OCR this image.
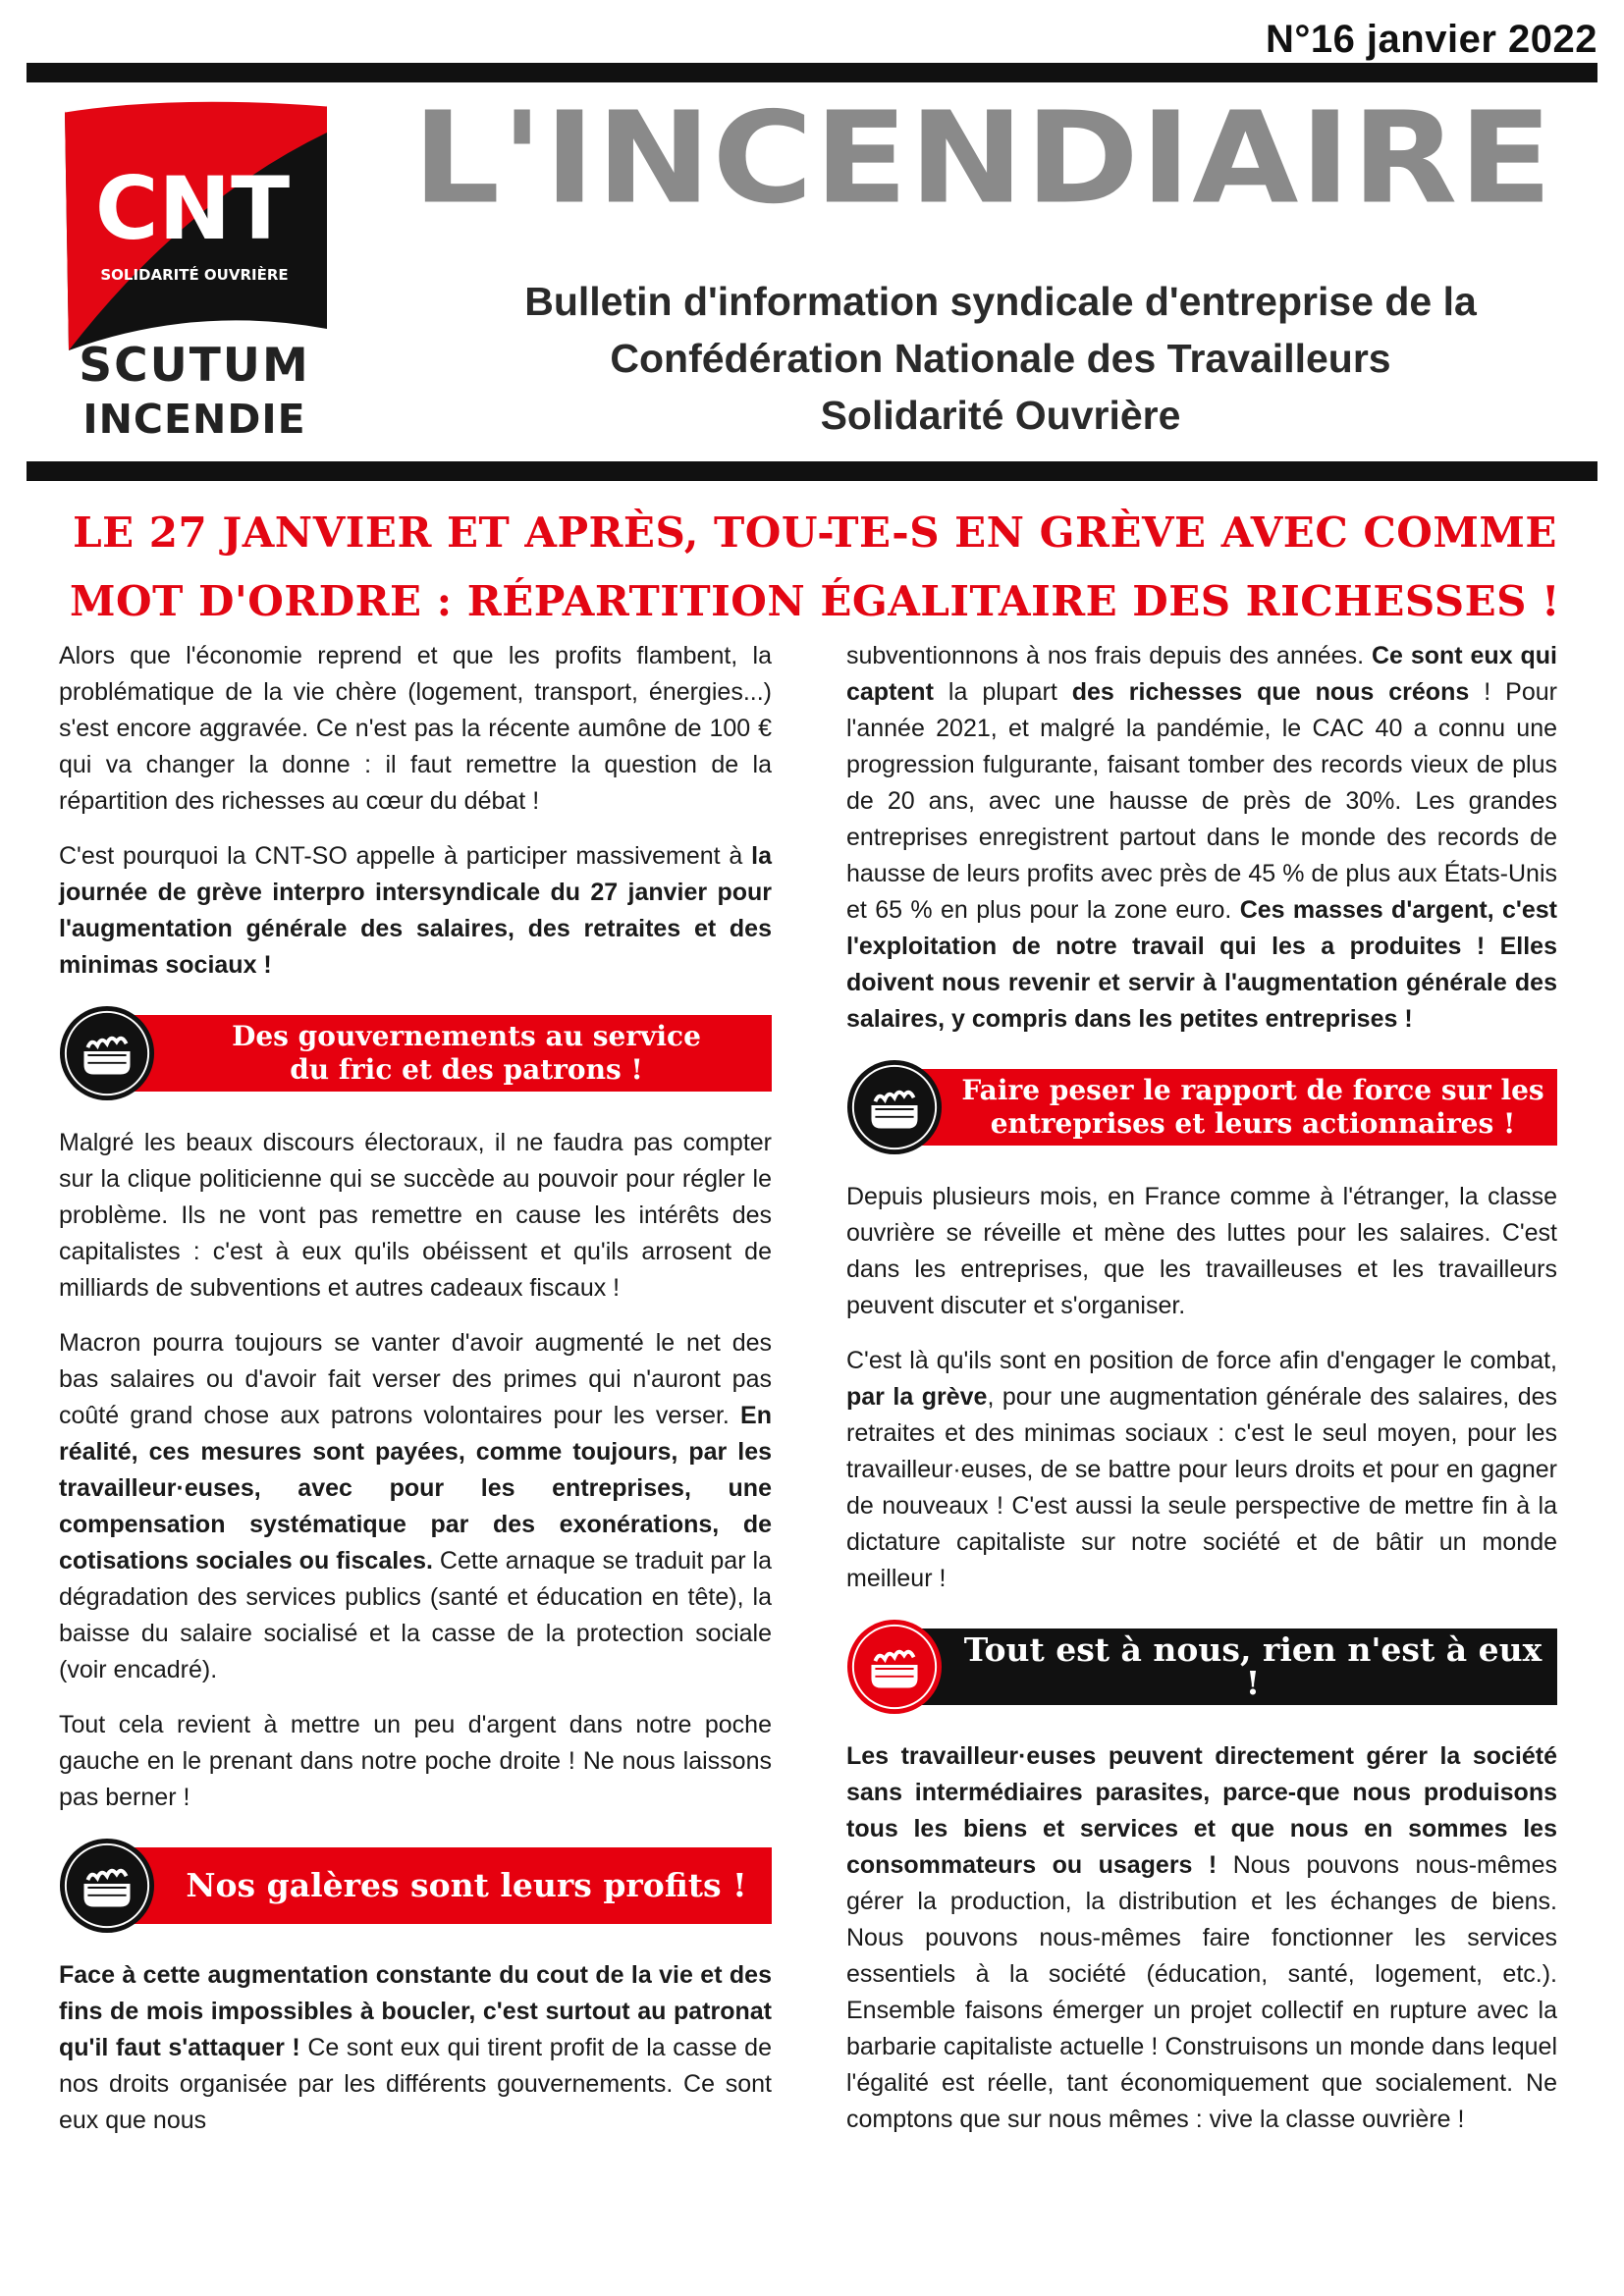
N°16 janvier 2022
CNT
SOLIDARITÉ OUVRIÈRE
SCUTUM
INCENDIE
L'INCENDIAIRE
Bulletin d'information syndicale d'entreprise de la
Confédération Nationale des Travailleurs
Solidarité Ouvrière
LE 27 JANVIER ET APRÈS, TOU-TE-S EN GRÈVE AVEC COMME
MOT D'ORDRE : RÉPARTITION ÉGALITAIRE DES RICHESSES !

Alors que l'économie reprend et que les profits flambent, la problématique de la vie chère (logement, transport, énergies...) s'est encore aggravée. Ce n'est pas la récente aumône de 100 € qui va changer la donne : il faut remettre la question de la répartition des richesses au cœur du débat !

C'est pourquoi la CNT-SO appelle à participer massivement à la journée de grève interpro intersyndicale du 27 janvier pour l'augmentation générale des salaires, des retraites et des minimas sociaux !

Des gouvernements au service
du fric et des patrons !

Malgré les beaux discours électoraux, il ne faudra pas compter sur la clique politicienne qui se succède au pouvoir pour régler le problème. Ils ne vont pas remettre en cause les intérêts des capitalistes : c'est à eux qu'ils obéissent et qu'ils arrosent de milliards de subventions et autres cadeaux fiscaux !

Macron pourra toujours se vanter d'avoir augmenté le net des bas salaires ou d'avoir fait verser des primes qui n'auront pas coûté grand chose aux patrons volontaires pour les verser. En réalité, ces mesures sont payées, comme toujours, par les travailleur·euses, avec pour les entreprises, une compensation systématique par des exonérations, de cotisations sociales ou fiscales. Cette arnaque se traduit par la dégradation des services publics (santé et éducation en tête), la baisse du salaire socialisé et la casse de la protection sociale (voir encadré).

Tout cela revient à mettre un peu d'argent dans notre poche gauche en le prenant dans notre poche droite ! Ne nous laissons pas berner !

Nos galères sont leurs profits !

Face à cette augmentation constante du cout de la vie et des fins de mois impossibles à boucler, c'est surtout au patronat qu'il faut s'attaquer ! Ce sont eux qui tirent profit de la casse de nos droits organisée par les différents gouvernements. Ce sont eux que nous

subventionnons à nos frais depuis des années. Ce sont eux qui captent la plupart des richesses que nous créons ! Pour l'année 2021, et malgré la pandémie, le CAC 40 a connu une progression fulgurante, faisant tomber des records vieux de plus de 20 ans, avec une hausse de près de 30%. Les grandes entreprises enregistrent partout dans le monde des records de hausse de leurs profits avec près de 45 % de plus aux États-Unis et 65 % en plus pour la zone euro. Ces masses d'argent, c'est l'exploitation de notre travail qui les a produites ! Elles doivent nous revenir et servir à l'augmentation générale des salaires, y compris dans les petites entreprises !

Faire peser le rapport de force sur les
entreprises et leurs actionnaires !

Depuis plusieurs mois, en France comme à l'étranger, la classe ouvrière se réveille et mène des luttes pour les salaires. C'est dans les entreprises, que les travailleuses et les travailleurs peuvent discuter et s'organiser.

C'est là qu'ils sont en position de force afin d'engager le combat, par la grève, pour une augmentation générale des salaires, des retraites et des minimas sociaux : c'est le seul moyen, pour les travailleur·euses, de se battre pour leurs droits et pour en gagner de nouveaux ! C'est aussi la seule perspective de mettre fin à la dictature capitaliste sur notre société et de bâtir un monde meilleur !

Tout est à nous, rien n'est à eux !

Les travailleur·euses peuvent directement gérer la société sans intermédiaires parasites, parce-que nous produisons tous les biens et services et que nous en sommes les consommateurs ou usagers ! Nous pouvons nous-mêmes gérer la production, la distribution et les échanges de biens. Nous pouvons nous-mêmes faire fonctionner les services essentiels à la société (éducation, santé, logement, etc.). Ensemble faisons émerger un projet collectif en rupture avec la barbarie capitaliste actuelle ! Construisons un monde dans lequel l'égalité est réelle, tant économiquement que socialement. Ne comptons que sur nous mêmes : vive la classe ouvrière !
